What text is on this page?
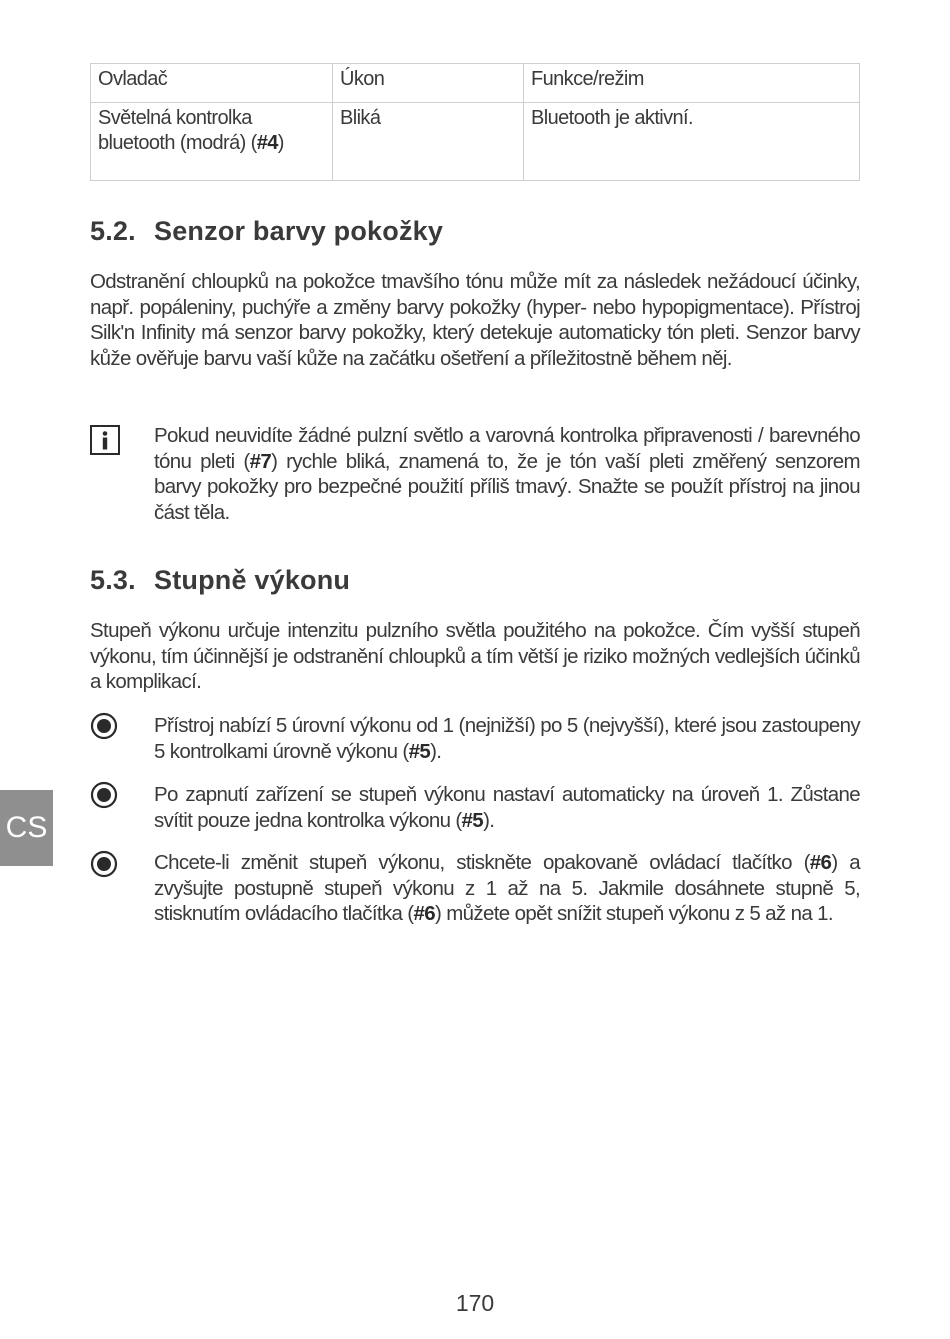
Ovladač	Úkon	Funkce/režim
Světelná kontrolka bluetooth (modrá) (#4)	Bliká	Bluetooth je aktivní.
5.2. Senzor barvy pokožky

Odstranění chloupků na pokožce tmavšího tónu může mít za následek nežádoucí účinky, např. popáleniny, puchýře a změny barvy pokožky (hyper- nebo hypopigmentace). Přístroj Silk'n Infinity má senzor barvy pokožky, který detekuje automaticky tón pleti. Senzor barvy kůže ověřuje barvu vaší kůže na začátku ošetření a příležitostně během něj.

Pokud neuvidíte žádné pulzní světlo a varovná kontrolka připravenosti / barevného tónu pleti (#7) rychle bliká, znamená to, že je tón vaší pleti změřený senzorem barvy pokožky pro bezpečné použití příliš tmavý. Snažte se použít přístroj na jinou část těla.

5.3. Stupně výkonu

Stupeň výkonu určuje intenzitu pulzního světla použitého na pokožce. Čím vyšší stupeň výkonu, tím účinnější je odstranění chloupků a tím větší je riziko možných vedlejších účinků a komplikací.

Přístroj nabízí 5 úrovní výkonu od 1 (nejnižší) po 5 (nejvyšší), které jsou zastoupeny 5 kontrolkami úrovně výkonu (#5).

Po zapnutí zařízení se stupeň výkonu nastaví automaticky na úroveň 1. Zůstane svítit pouze jedna kontrolka výkonu (#5).

Chcete-li změnit stupeň výkonu, stiskněte opakovaně ovládací tlačítko (#6) a zvyšujte postupně stupeň výkonu z 1 až na 5. Jakmile dosáhnete stupně 5, stisknutím ovládacího tlačítka (#6) můžete opět snížit stupeň výkonu z 5 až na 1.

CS
170
